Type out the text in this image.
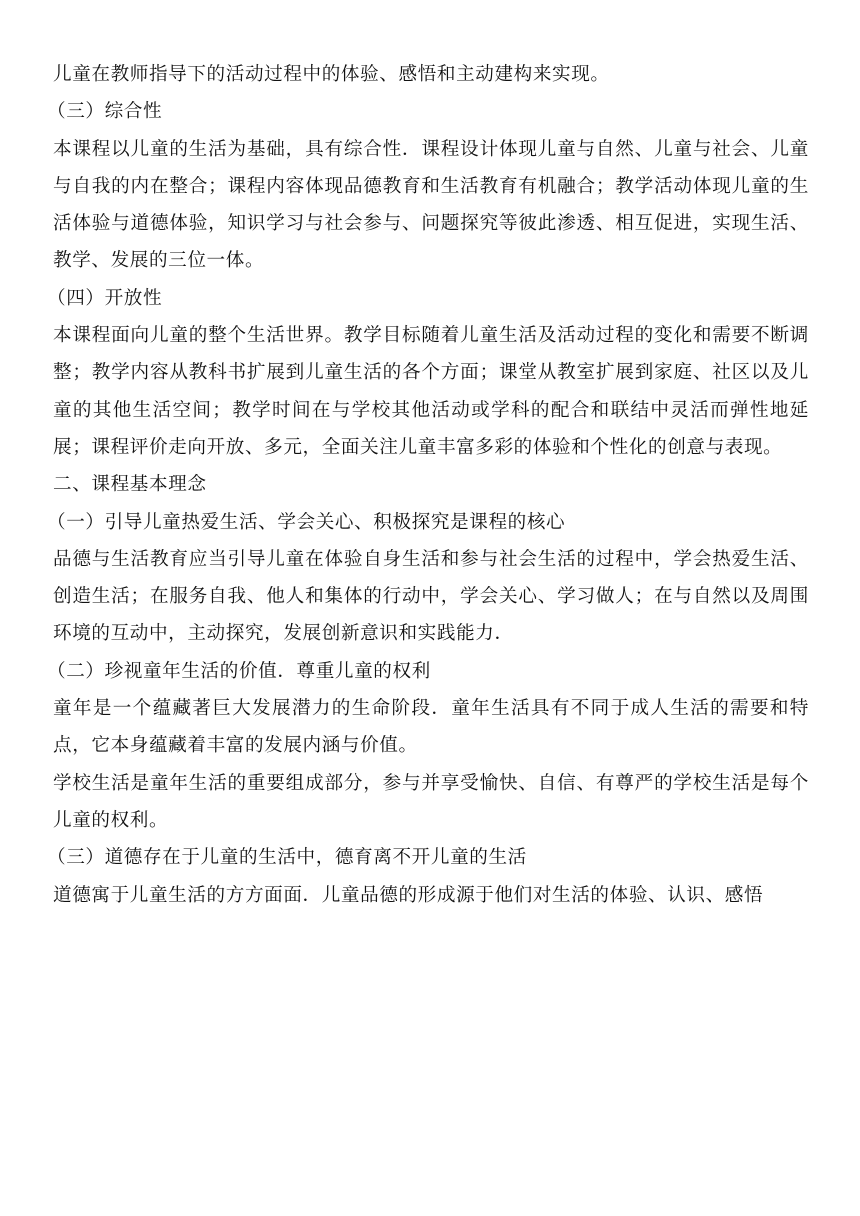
儿童在教师指导下的活动过程中的体验、感悟和主动建构来实现。

（三）综合性

本课程以儿童的生活为基础，具有综合性．课程设计体现儿童与自然、儿童与社会、儿童与自我的内在整合；课程内容体现品德教育和生活教育有机融合；教学活动体现儿童的生活体验与道德体验，知识学习与社会参与、问题探究等彼此渗透、相互促进，实现生活、教学、发展的三位一体。

（四）开放性

本课程面向儿童的整个生活世界。教学目标随着儿童生活及活动过程的变化和需要不断调整；教学内容从教科书扩展到儿童生活的各个方面；课堂从教室扩展到家庭、社区以及儿童的其他生活空间；教学时间在与学校其他活动或学科的配合和联结中灵活而弹性地延展；课程评价走向开放、多元，全面关注儿童丰富多彩的体验和个性化的创意与表现。

二、课程基本理念

（一）引导儿童热爱生活、学会关心、积极探究是课程的核心

品德与生活教育应当引导儿童在体验自身生活和参与社会生活的过程中，学会热爱生活、创造生活；在服务自我、他人和集体的行动中，学会关心、学习做人；在与自然以及周围环境的互动中，主动探究，发展创新意识和实践能力．

（二）珍视童年生活的价值．尊重儿童的权利

童年是一个蕴藏著巨大发展潜力的生命阶段．童年生活具有不同于成人生活的需要和特点，它本身蕴藏着丰富的发展内涵与价值。

学校生活是童年生活的重要组成部分，参与并享受愉快、自信、有尊严的学校生活是每个儿童的权利。

（三）道德存在于儿童的生活中，德育离不开儿童的生活

道德寓于儿童生活的方方面面．儿童品德的形成源于他们对生活的体验、认识、感悟
